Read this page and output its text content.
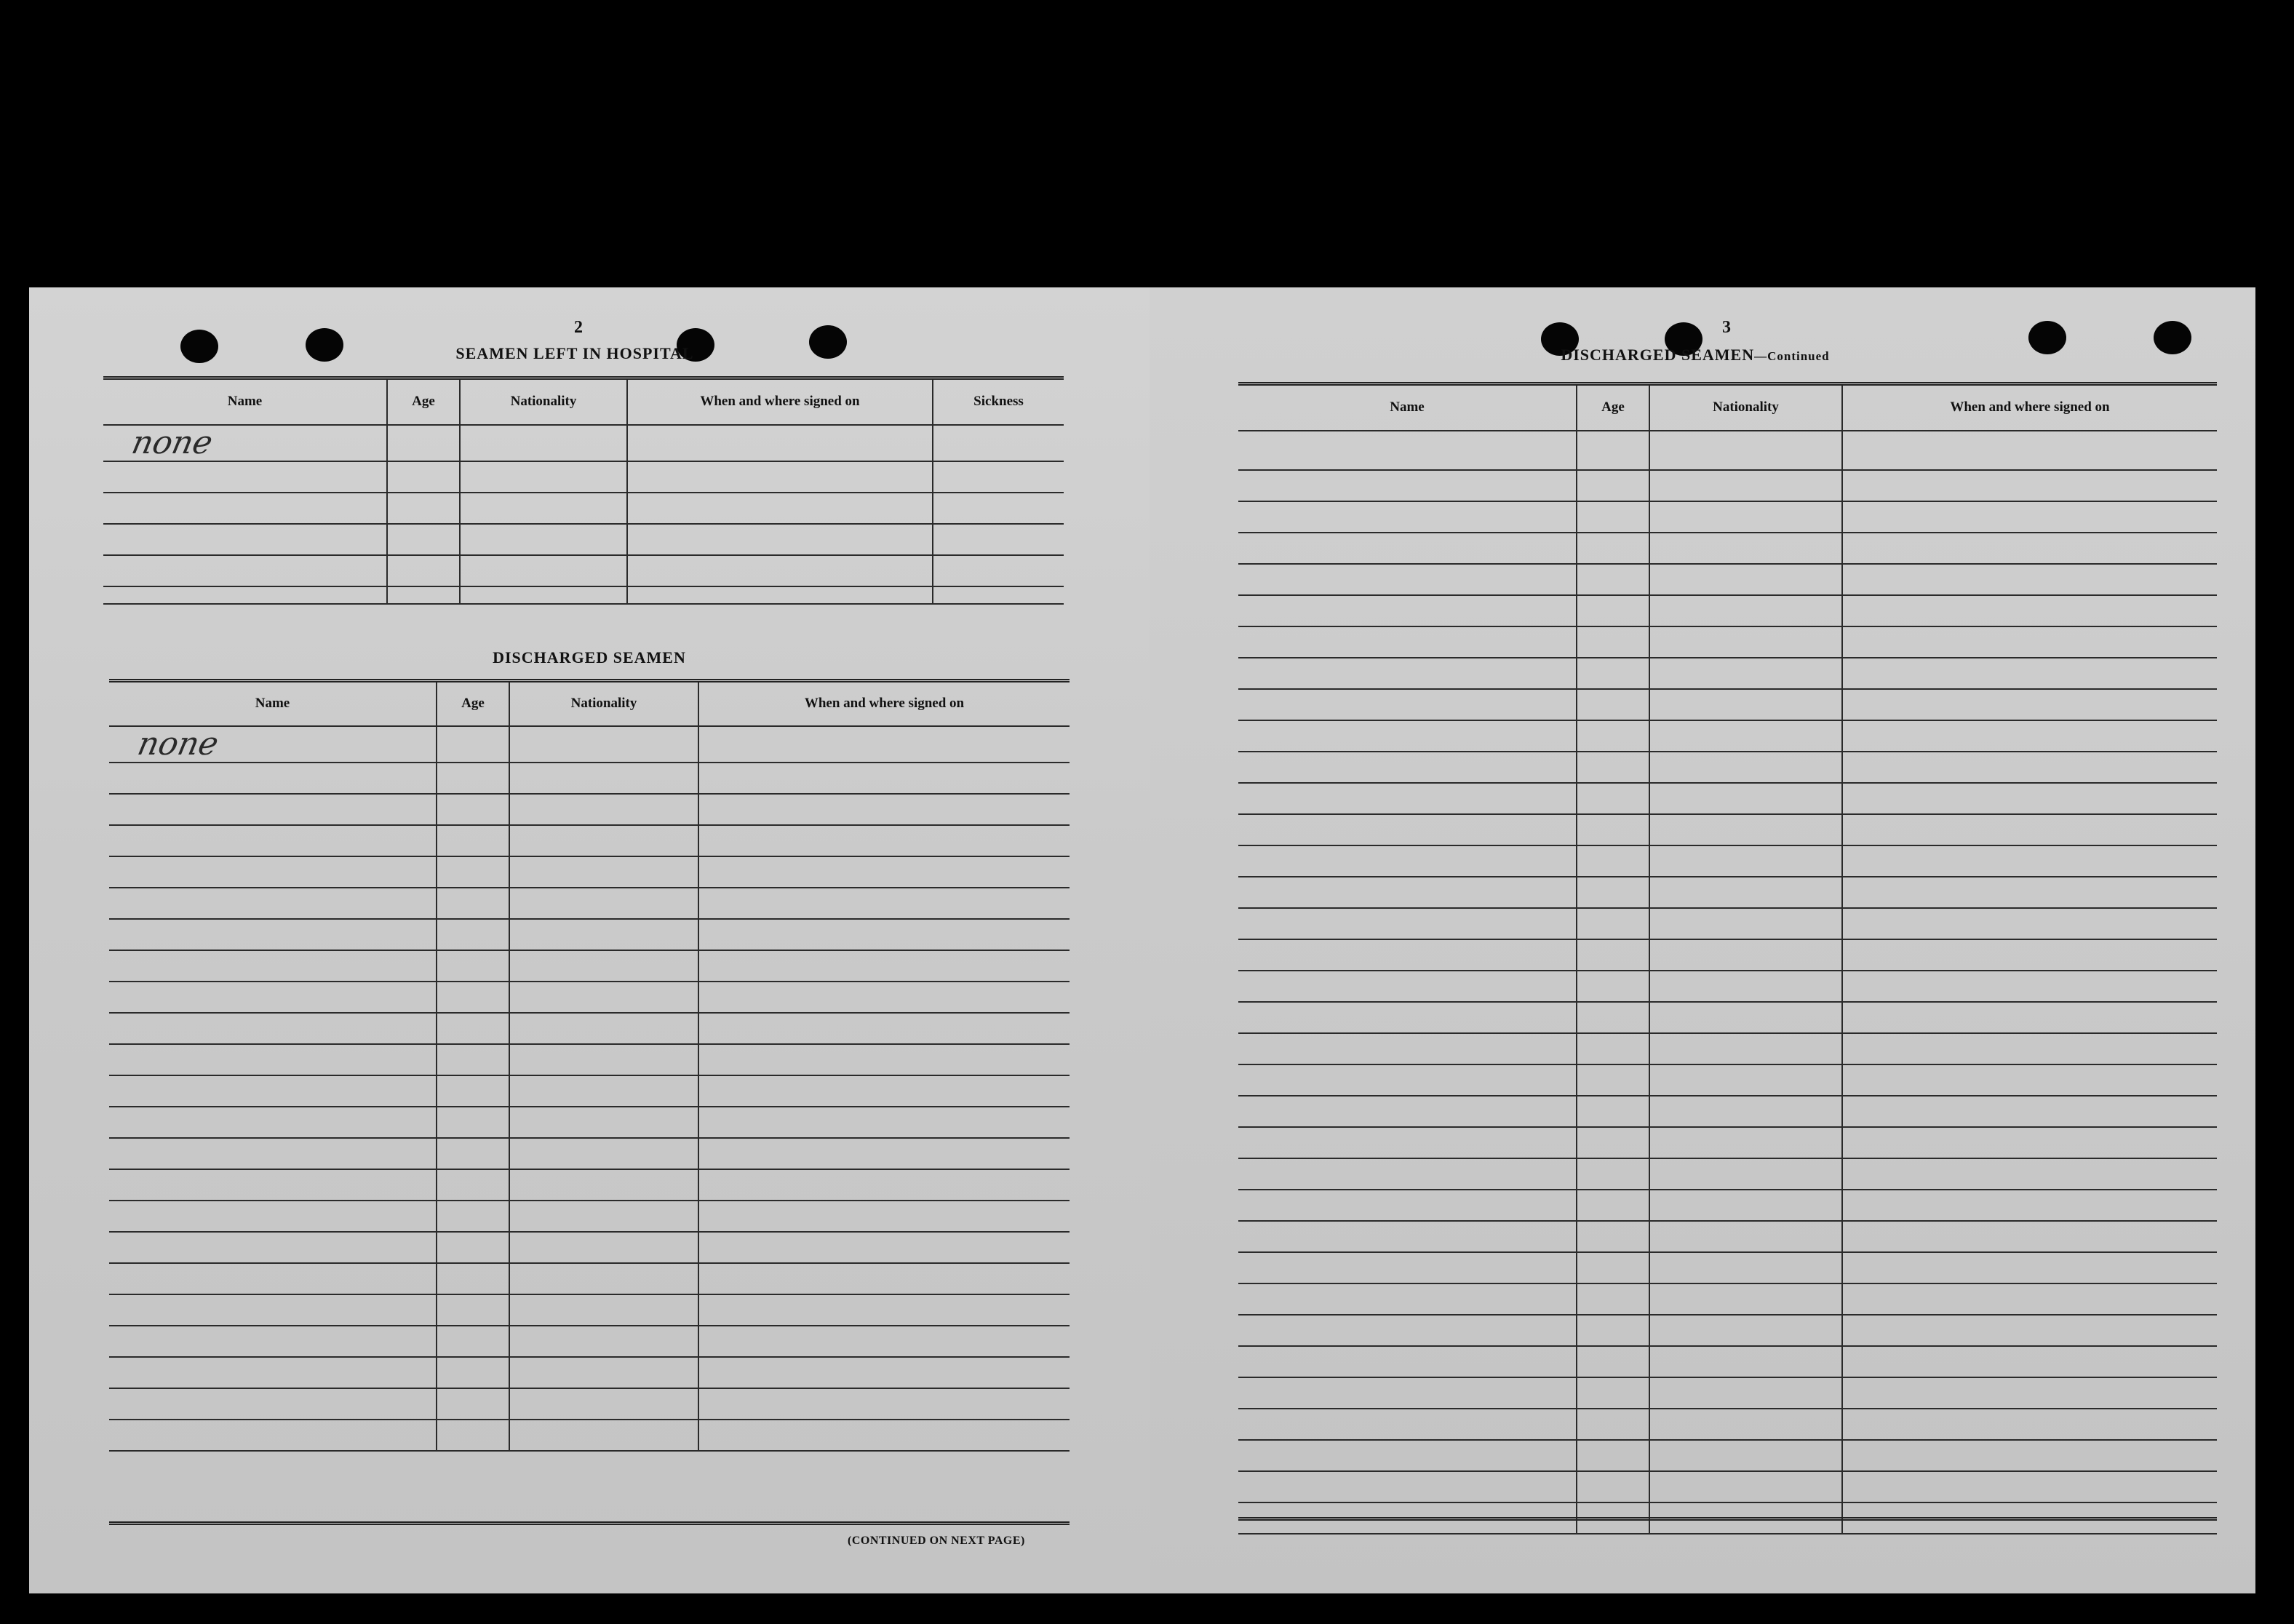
2
SEAMEN LEFT IN HOSPITAL
Name	Age	Nationality	When and where signed on	Sickness

none				

DISCHARGED SEAMEN
Name	Age	Nationality	When and where signed on

none			

(CONTINUED ON NEXT PAGE)
3
DISCHARGED SEAMEN—Continued
Name	Age	Nationality	When and where signed on
